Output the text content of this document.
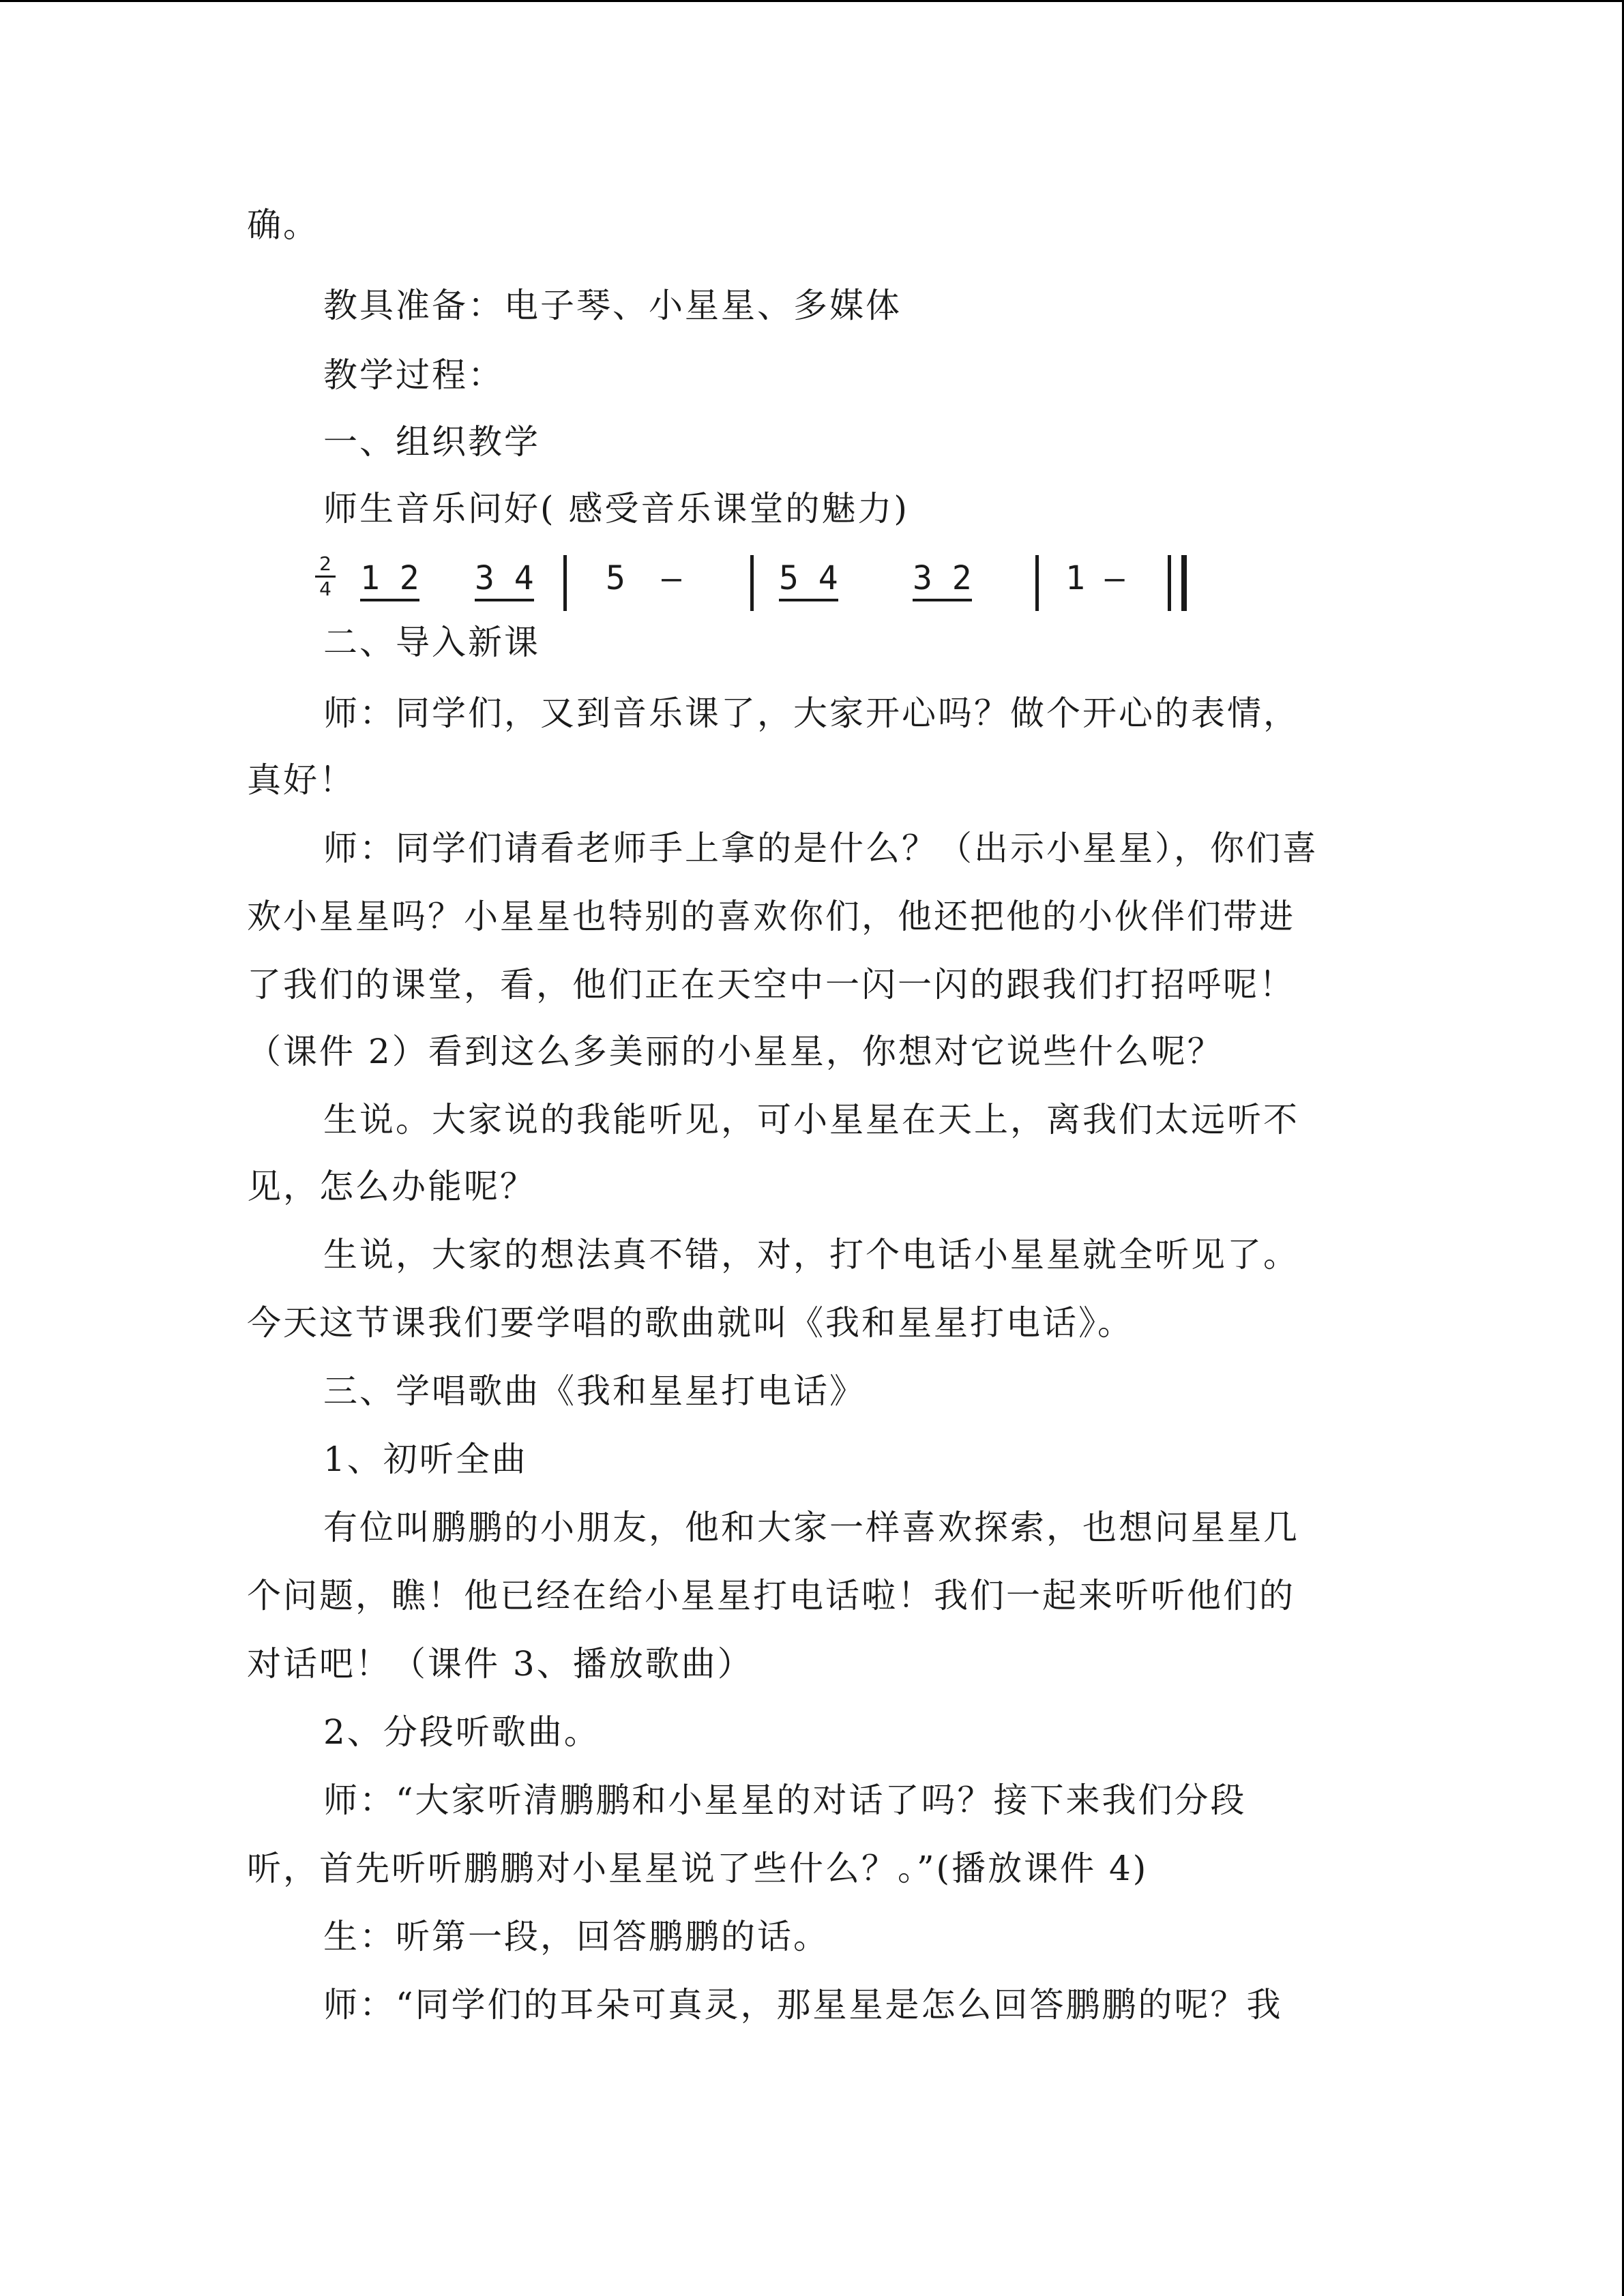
确。
教具准备：电子琴、小星星、多媒体
教学过程：
一、组织教学
师生音乐问好( 感受音乐课堂的魅力)
二、导入新课
师：同学们，又到音乐课了，大家开心吗？做个开心的表情，
真好！
师：同学们请看老师手上拿的是什么？（出示小星星），你们喜
欢小星星吗？小星星也特别的喜欢你们，他还把他的小伙伴们带进
了我们的课堂，看，他们正在天空中一闪一闪的跟我们打招呼呢！
（课件 2）看到这么多美丽的小星星，你想对它说些什么呢？
生说。大家说的我能听见，可小星星在天上，离我们太远听不
见，怎么办能呢？
生说，大家的想法真不错，对，打个电话小星星就全听见了。
今天这节课我们要学唱的歌曲就叫《我和星星打电话》。
三、学唱歌曲《我和星星打电话》
1、初听全曲
有位叫鹏鹏的小朋友，他和大家一样喜欢探索，也想问星星几
个问题，瞧！他已经在给小星星打电话啦！我们一起来听听他们的
对话吧！（课件 3、播放歌曲）
2、分段听歌曲。
师：“大家听清鹏鹏和小星星的对话了吗？接下来我们分段
听，首先听听鹏鹏对小星星说了些什么？。”(播放课件 4)
生：听第一段，回答鹏鹏的话。
师：“同学们的耳朵可真灵，那星星是怎么回答鹏鹏的呢？我
2
4 1 2 3 4 5 —	5 4 3 2	1 —
